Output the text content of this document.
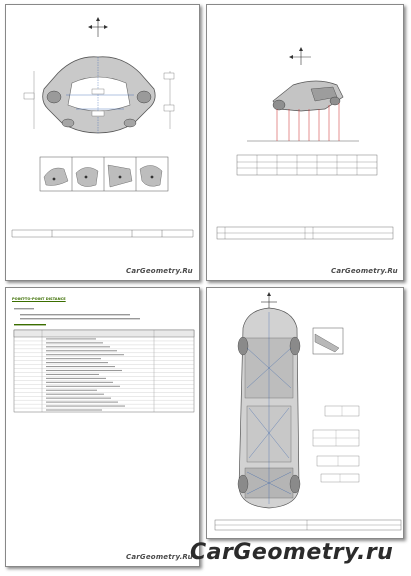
CarGeometry.Ru	CarGeometry.Ru
POINT-TO-POINT DISTANCE
CarGeometry.Ru
CarGeometry.ru
